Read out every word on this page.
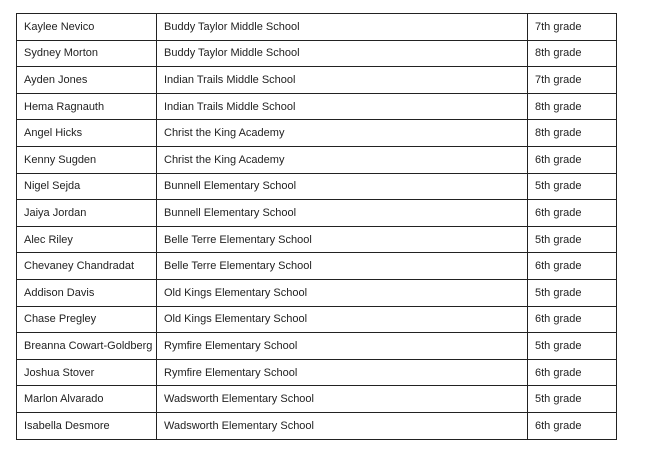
Kaylee Nevico	Buddy Taylor Middle School	7th grade
Sydney Morton	Buddy Taylor Middle School	8th grade
Ayden Jones	Indian Trails Middle School	7th grade
Hema Ragnauth	Indian Trails Middle School	8th grade
Angel Hicks	Christ the King Academy	8th grade
Kenny Sugden	Christ the King Academy	6th grade
Nigel Sejda	Bunnell Elementary School	5th grade
Jaiya Jordan	Bunnell Elementary School	6th grade
Alec Riley	Belle Terre Elementary School	5th grade
Chevaney Chandradat	Belle Terre Elementary School	6th grade
Addison Davis	Old Kings Elementary School	5th grade
Chase Pregley	Old Kings Elementary School	6th grade
Breanna Cowart-Goldberg	Rymfire Elementary School	5th grade
Joshua Stover	Rymfire Elementary School	6th grade
Marlon Alvarado	Wadsworth Elementary School	5th grade
Isabella Desmore	Wadsworth Elementary School	6th grade
